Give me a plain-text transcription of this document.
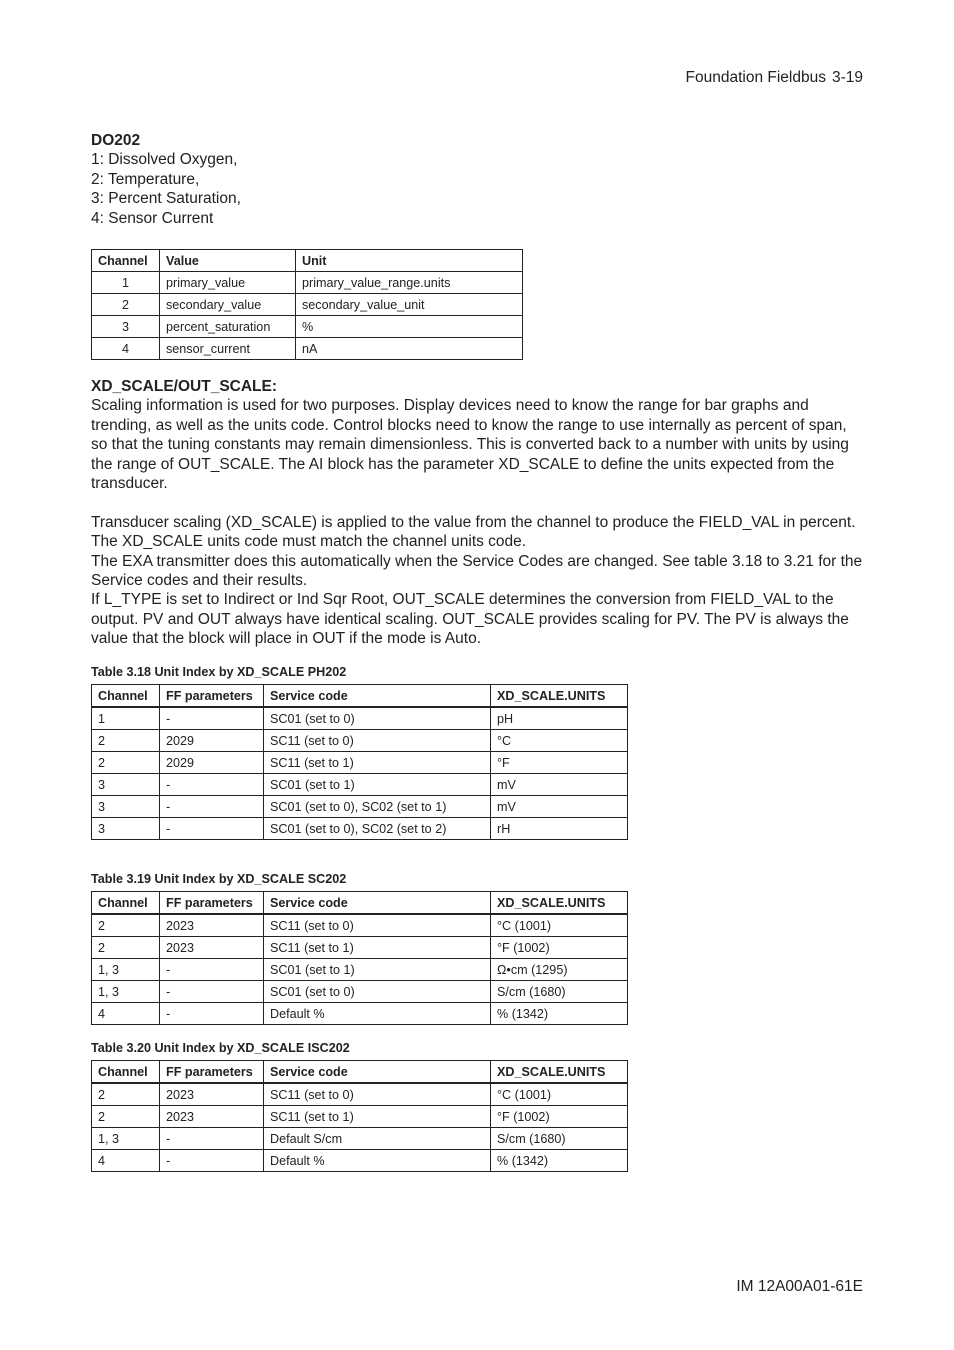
Foundation Fieldbus 3-19

DO202

1: Dissolved Oxygen,

2: Temperature,

3: Percent Saturation,

4: Sensor Current

Channel	Value	Unit
1	primary_value	primary_value_range.units
2	secondary_value	secondary_value_unit
3	percent_saturation	%
4	sensor_current	nA

XD_SCALE/OUT_SCALE:

Scaling information is used for two purposes. Display devices need to know the range for bar graphs and trending, as well as the units code. Control blocks need to know the range to use internally as percent of span, so that the tuning constants may remain dimensionless. This is converted back to a number with units by using the range of OUT_SCALE. The AI block has the parameter XD_SCALE to define the units expected from the transducer.

Transducer scaling (XD_SCALE) is applied to the value from the channel to produce the FIELD_VAL in percent. The XD_SCALE units code must match the channel units code.

The EXA transmitter does this automatically when the Service Codes are changed. See table 3.18 to 3.21 for the Service codes and their results.

If L_TYPE is set to Indirect or Ind Sqr Root, OUT_SCALE determines the conversion from FIELD_VAL to the output. PV and OUT always have identical scaling. OUT_SCALE provides scaling for PV. The PV is always the value that the block will place in OUT if the mode is Auto.

Table 3.18 Unit Index by XD_SCALE PH202
Channel	FF parameters	Service code	XD_SCALE.UNITS
1	-	SC01 (set to 0)	pH
2	2029	SC11 (set to 0)	°C
2	2029	SC11 (set to 1)	°F
3	-	SC01 (set to 1)	mV
3	-	SC01 (set to 0), SC02 (set to 1)	mV
3	-	SC01 (set to 0), SC02 (set to 2)	rH
Table 3.19 Unit Index by XD_SCALE SC202
Channel	FF parameters	Service code	XD_SCALE.UNITS
2	2023	SC11 (set to 0)	°C (1001)
2	2023	SC11 (set to 1)	°F (1002)
1, 3	-	SC01 (set to 1)	Ω•cm (1295)
1, 3	-	SC01 (set to 0)	S/cm (1680)
4	-	Default %	% (1342)
Table 3.20 Unit Index by XD_SCALE ISC202
Channel	FF parameters	Service code	XD_SCALE.UNITS
2	2023	SC11 (set to 0)	°C (1001)
2	2023	SC11 (set to 1)	°F (1002)
1, 3	-	Default S/cm	S/cm (1680)
4	-	Default %	% (1342)
IM 12A00A01-61E
